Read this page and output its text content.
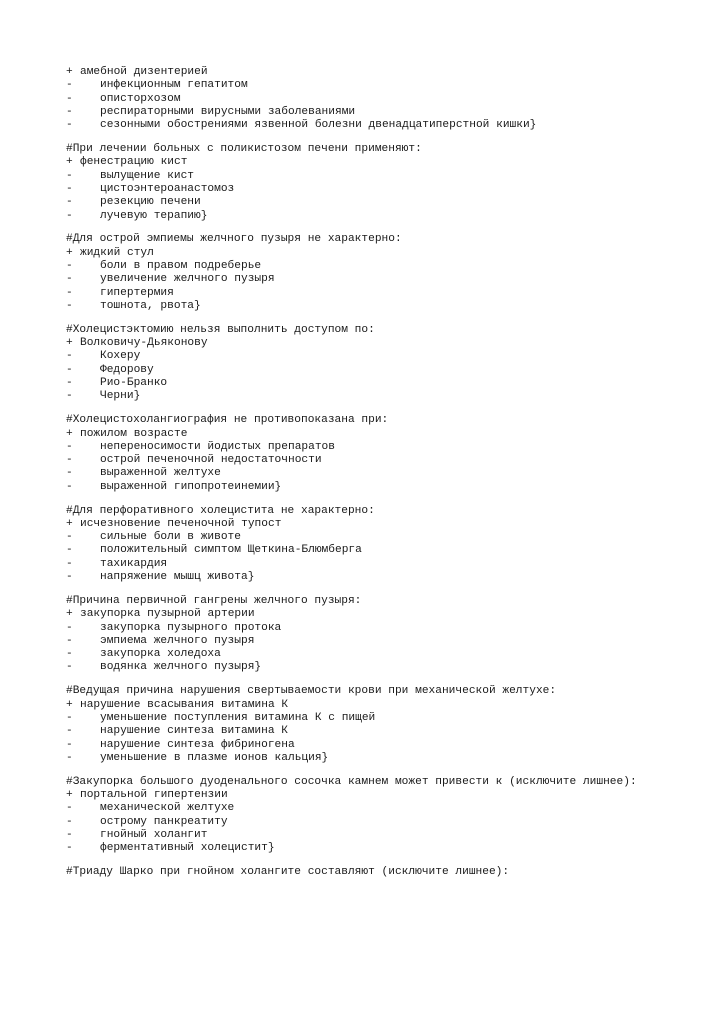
+ амебной дизентерией
-	инфекционным гепатитом
-	описторхозом
-	респираторными вирусными заболеваниями
-	сезонными обострениями язвенной болезни двенадцатиперстной кишки}
#При лечении больных с поликистозом печени применяют:
+ фенестрацию кист
-	вылущение кист
-	цистоэнтероанастомоз
-	резекцию печени
-	лучевую терапию}
#Для острой эмпиемы желчного пузыря не характерно:
+ жидкий стул
-	боли в правом подреберье
-	увеличение желчного пузыря
-	гипертермия
-	тошнота, рвота}
#Холецистэктомию нельзя выполнить доступом по:
+ Волковичу-Дьяконову
-	Кохеру
-	Федорову
-	Рио-Бранко
-	Черни}
#Холецистохолангиография не противопоказана при:
+ пожилом возрасте
-	непереносимости йодистых препаратов
-	острой печеночной недостаточности
-	выраженной желтухе
-	выраженной гипопротеинемии}
#Для перфоративного холецистита не характерно:
+ исчезновение печеночной тупост
-	сильные боли в животе
-	положительный симптом Щеткина-Блюмберга
-	тахикардия
-	напряжение мышц живота}
#Причина первичной гангрены желчного пузыря:
+ закупорка пузырной артерии
-	закупорка пузырного протока
-	эмпиема желчного пузыря
-	закупорка холедоха
-	водянка желчного пузыря}
#Ведущая причина нарушения свертываемости крови при механической желтухе:
+ нарушение всасывания витамина К
-	уменьшение поступления витамина К с пищей
-	нарушение синтеза витамина К
-	нарушение синтеза фибриногена
-	уменьшение в плазме ионов кальция}
#Закупорка большого дуоденального сосочка камнем может привести к (исключите лишнее):
+ портальной гипертензии
-	механической желтухе
-	острому панкреатиту
-	гнойный холангит
-	ферментативный холецистит}
#Триаду Шарко при гнойном холангите составляют (исключите лишнее):
